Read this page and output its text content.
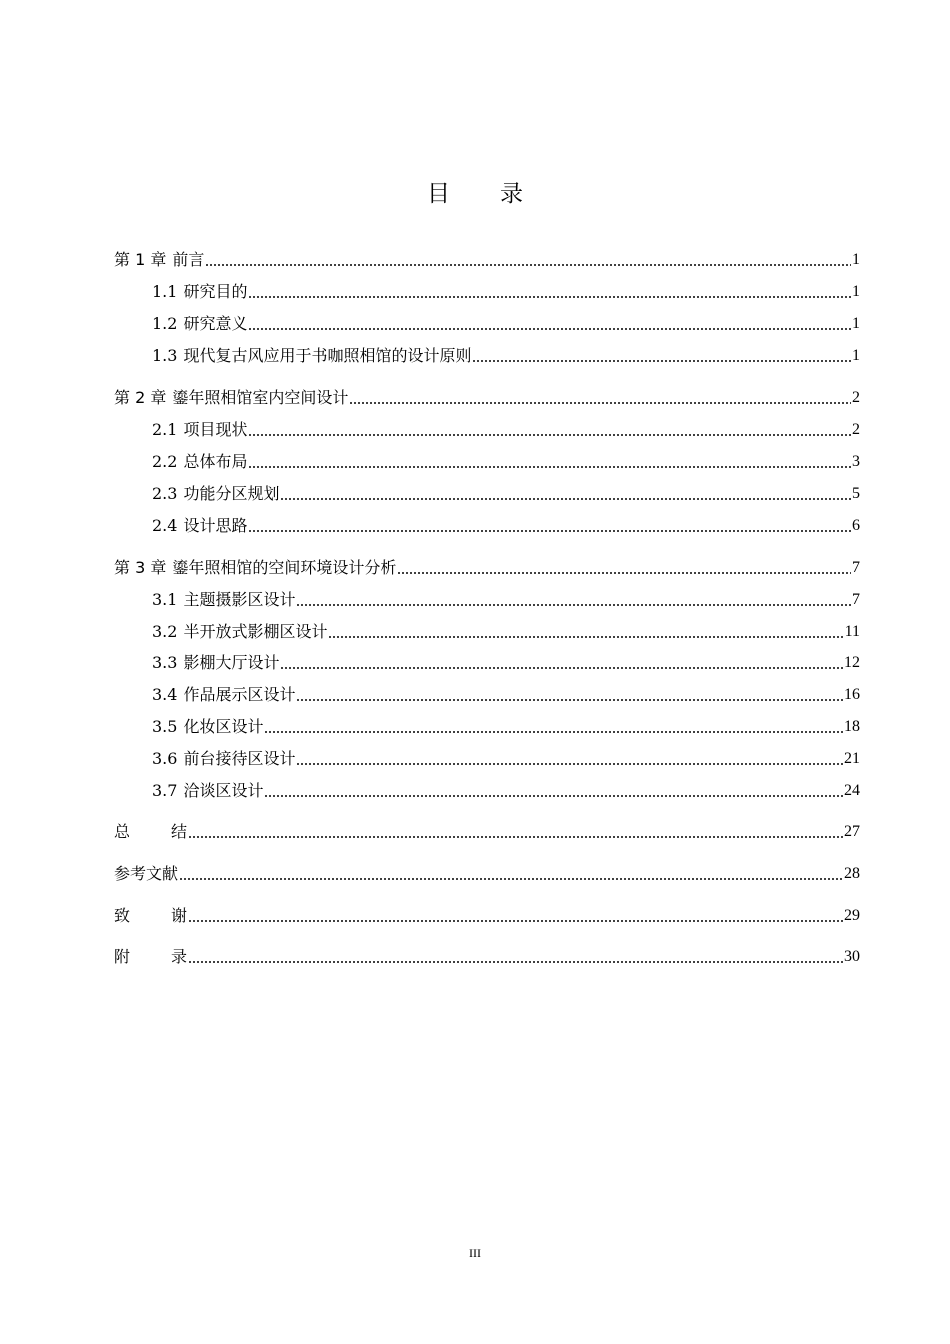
目 录
第 1 章 前言	1
1.1 研究目的	1
1.2 研究意义	1
1.3 现代复古风应用于书咖照相馆的设计原则	1
第 2 章 鎏年照相馆室内空间设计	2
2.1 项目现状	2
2.2 总体布局	3
2.3 功能分区规划	5
2.4 设计思路	6
第 3 章 鎏年照相馆的空间环境设计分析	7
3.1 主题摄影区设计	7
3.2 半开放式影棚区设计	11
3.3 影棚大厅设计	12
3.4 作品展示区设计	16
3.5 化妆区设计	18
3.6 前台接待区设计	21
3.7 洽谈区设计	24
总	结	27
参考文献	28
致	谢	29
附	录	30
III
